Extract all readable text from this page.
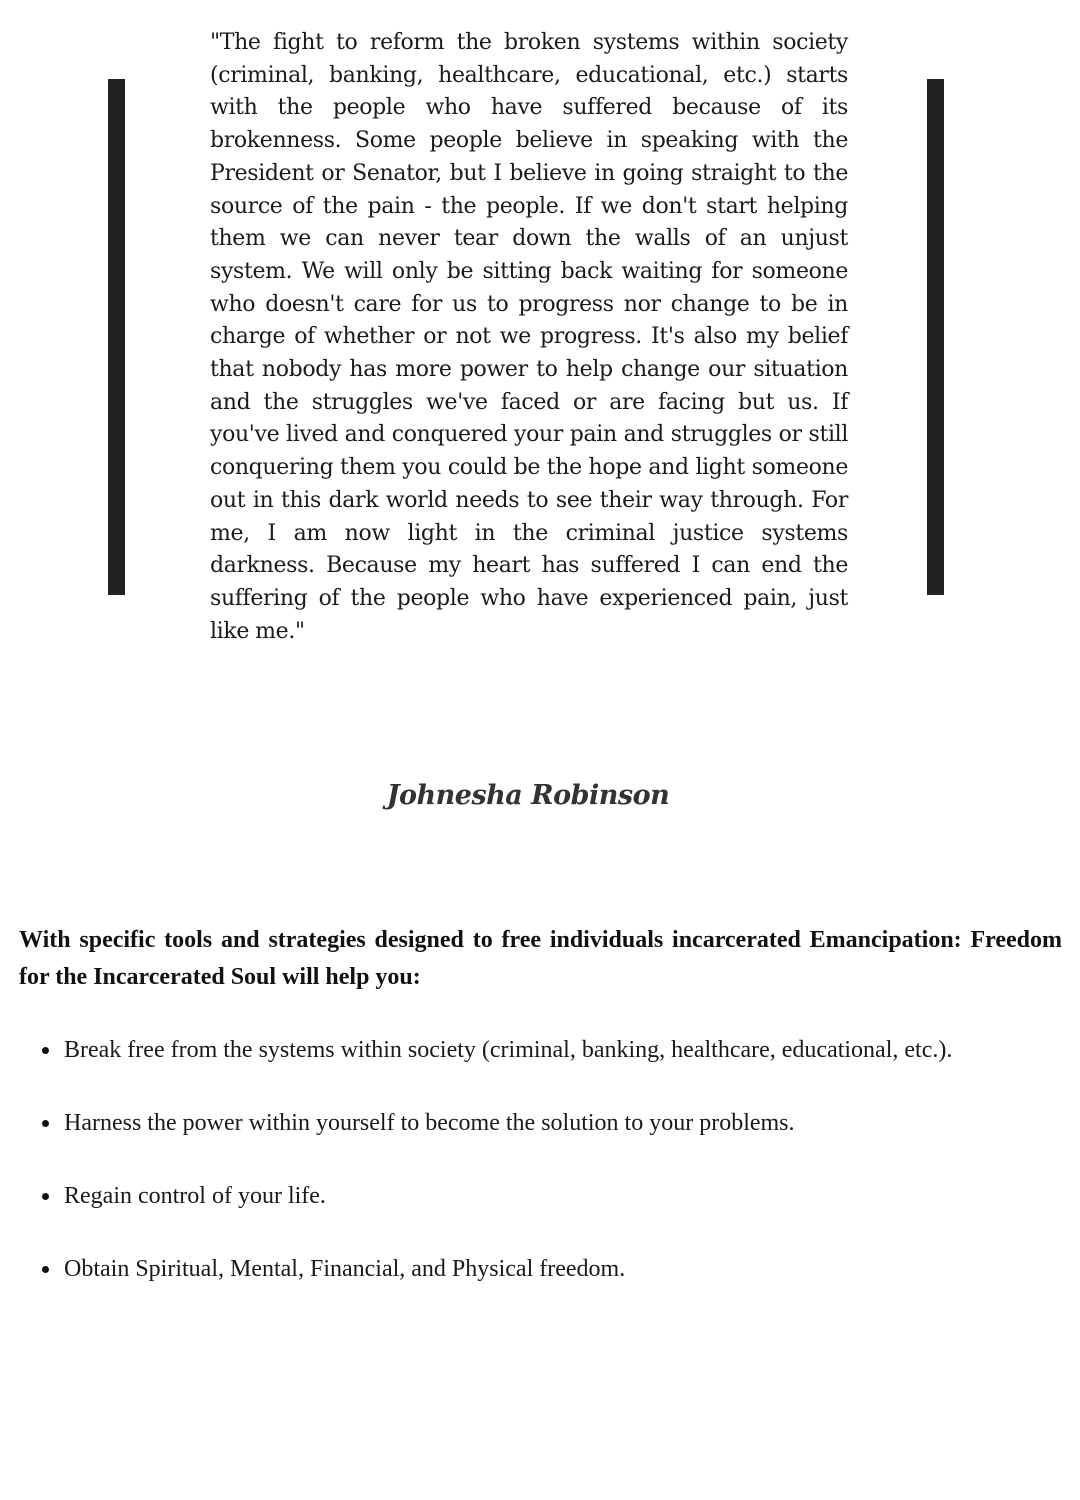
"The fight to reform the broken systems within society (criminal, banking, healthcare, educational, etc.) starts with the people who have suffered because of its brokenness. Some people believe in speaking with the President or Senator, but I believe in going straight to the source of the pain - the people. If we don't start helping them we can never tear down the walls of an unjust system. We will only be sitting back waiting for someone who doesn't care for us to progress nor change to be in charge of whether or not we progress. It's also my belief that nobody has more power to help change our situation and the struggles we've faced or are facing but us. If you've lived and conquered your pain and struggles or still conquering them you could be the hope and light someone out in this dark world needs to see their way through. For me, I am now light in the criminal justice systems darkness. Because my heart has suffered I can end the suffering of the people who have experienced pain, just like me."

Johnesha Robinson

With specific tools and strategies designed to free individuals incarcerated Emancipation: Freedom for the Incarcerated Soul will help you:

Break free from the systems within society (criminal, banking, healthcare, educational, etc.).
Harness the power within yourself to become the solution to your problems.
Regain control of your life.
Obtain Spiritual, Mental, Financial, and Physical freedom.
